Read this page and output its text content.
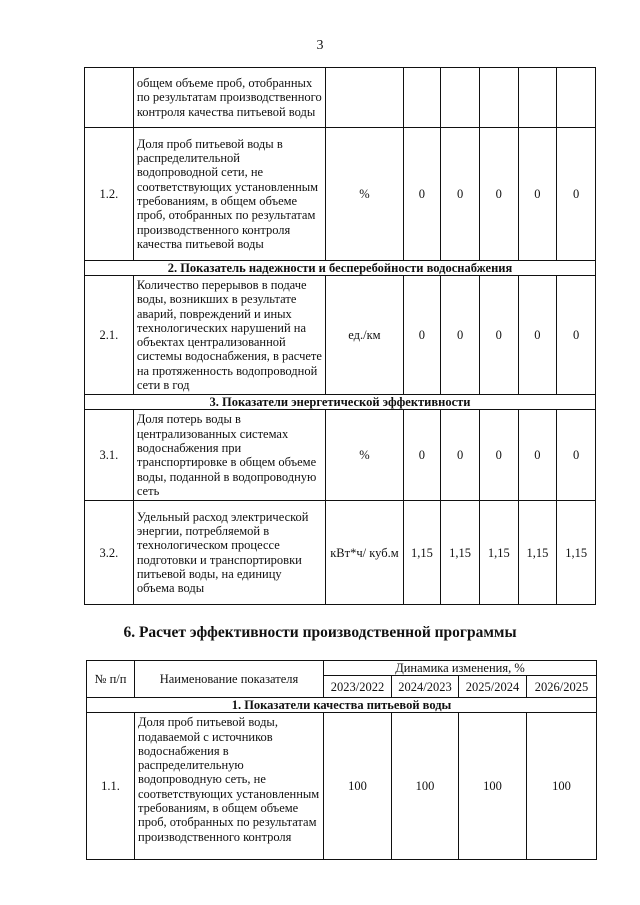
3
	общем объеме проб, отобранных по результатам производственного контроля качества питьевой воды						
1.2.	Доля проб питьевой воды в распределительной водопроводной сети, не соответствующих установленным требованиям, в общем объеме проб, отобранных по результатам производственного контроля качества питьевой воды	%	0	0	0	0	0
2. Показатель надежности и бесперебойности водоснабжения							
2.1.	Количество перерывов в подаче воды, возникших в результате аварий, повреждений и иных технологических нарушений на объектах централизованной системы водоснабжения, в расчете на протяженность водопроводной сети в год	ед./км	0	0	0	0	0
3. Показатели энергетической эффективности							
3.1.	Доля потерь воды в централизованных системах водоснабжения при транспортировке в общем объеме воды, поданной в водопроводную сеть	%	0	0	0	0	0
3.2.	Удельный расход электрической энергии, потребляемой в технологическом процессе подготовки и транспортировки питьевой воды, на единицу объема воды	кВт*ч/ куб.м	1,15	1,15	1,15	1,15	1,15
6. Расчет эффективности производственной программы
№ п/п	Наименование показателя	Динамика изменения, %			
		2023/2022	2024/2023	2025/2024	2026/2025
1. Показатели качества питьевой воды					
1.1.	Доля проб питьевой воды, подаваемой с источников водоснабжения в распределительную водопроводную сеть, не соответствующих установленным требованиям, в общем объеме проб, отобранных по результатам производственного контроля	100	100	100	100
